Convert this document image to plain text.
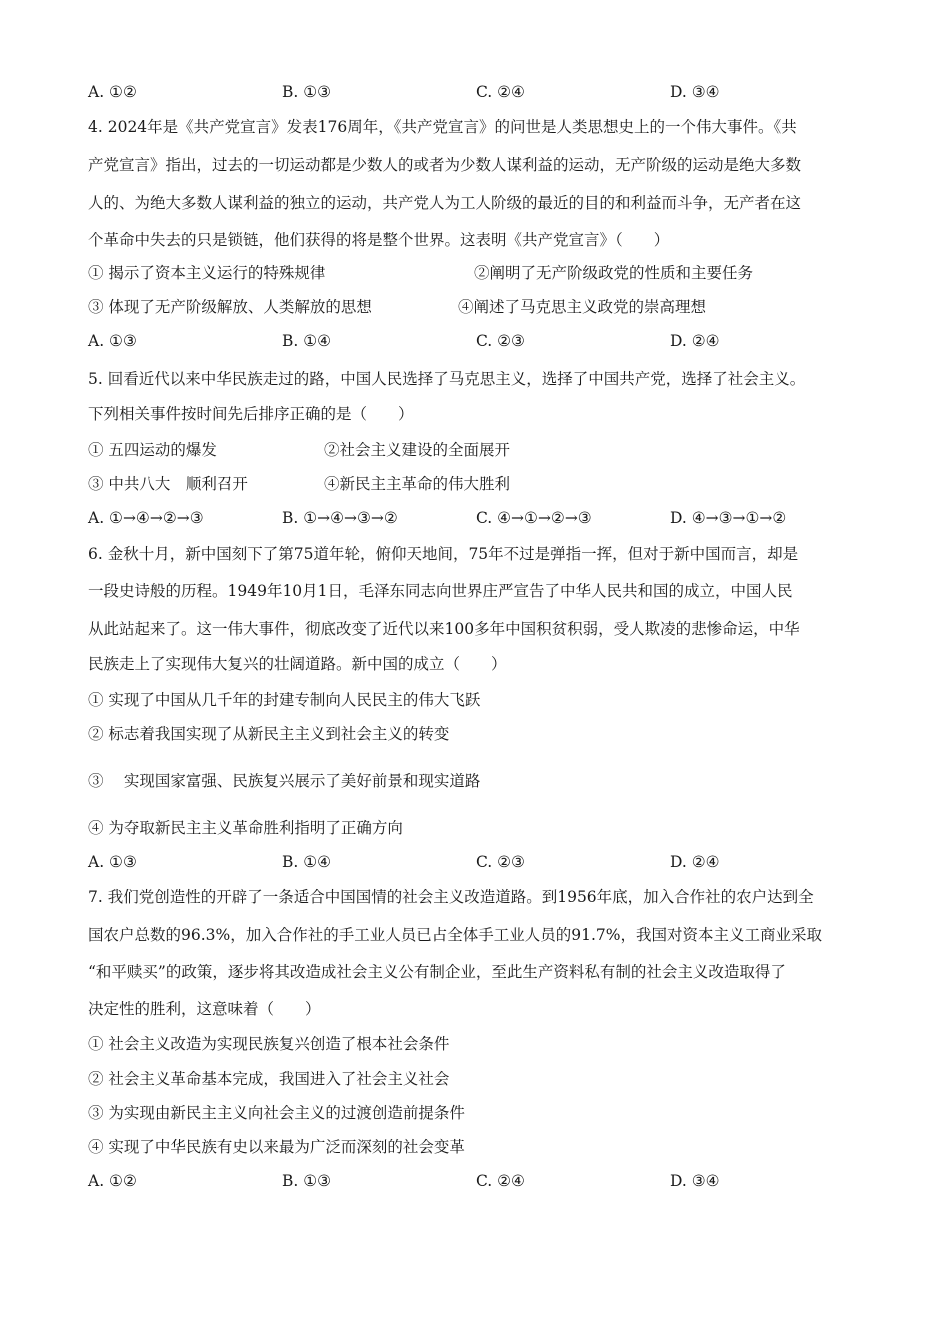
A. ①②	B. ①③	C. ②④	D. ③④
4. 2024年是《共产党宣言》发表176周年，《共产党宣言》的问世是人类思想史上的一个伟大事件。《共
产党宣言》指出，过去的一切运动都是少数人的或者为少数人谋利益的运动，无产阶级的运动是绝大多数
人的、为绝大多数人谋利益的独立的运动，共产党人为工人阶级的最近的目的和利益而斗争，无产者在这
个革命中失去的只是锁链，他们获得的将是整个世界。这表明《共产党宣言》（　　）
① 揭示了资本主义运行的特殊规律	②阐明了无产阶级政党的性质和主要任务
③ 体现了无产阶级解放、人类解放的思想	④阐述了马克思主义政党的崇高理想
A. ①③	B. ①④	C. ②③	D. ②④
5. 回看近代以来中华民族走过的路，中国人民选择了马克思主义，选择了中国共产党，选择了社会主义。
下列相关事件按时间先后排序正确的是（　　）
① 五四运动的爆发	②社会主义建设的全面展开
③ 中共八大　顺利召开	④新民主主革命的伟大胜利
A. ①→④→②→③	B. ①→④→③→②	C. ④→①→②→③	D. ④→③→①→②
6. 金秋十月，新中国刻下了第75道年轮，俯仰天地间，75年不过是弹指一挥，但对于新中国而言，却是
一段史诗般的历程。1949年10月1日，毛泽东同志向世界庄严宣告了中华人民共和国的成立，中国人民
从此站起来了。这一伟大事件，彻底改变了近代以来100多年中国积贫积弱，受人欺凌的悲惨命运，中华
民族走上了实现伟大复兴的壮阔道路。新中国的成立（　　）
① 实现了中国从几千年的封建专制向人民民主的伟大飞跃
② 标志着我国实现了从新民主主义到社会主义的转变
③　 实现国家富强、民族复兴展示了美好前景和现实道路
④ 为夺取新民主主义革命胜利指明了正确方向
A. ①③	B. ①④	C. ②③	D. ②④
7. 我们党创造性的开辟了一条适合中国国情的社会主义改造道路。到1956年底，加入合作社的农户达到全
国农户总数的96.3%，加入合作社的手工业人员已占全体手工业人员的91.7%，我国对资本主义工商业采取
“和平赎买”的政策，逐步将其改造成社会主义公有制企业，至此生产资料私有制的社会主义改造取得了
决定性的胜利，这意味着（　　）
① 社会主义改造为实现民族复兴创造了根本社会条件
② 社会主义革命基本完成，我国进入了社会主义社会
③ 为实现由新民主主义向社会主义的过渡创造前提条件
④ 实现了中华民族有史以来最为广泛而深刻的社会变革
A. ①②	B. ①③	C. ②④	D. ③④
